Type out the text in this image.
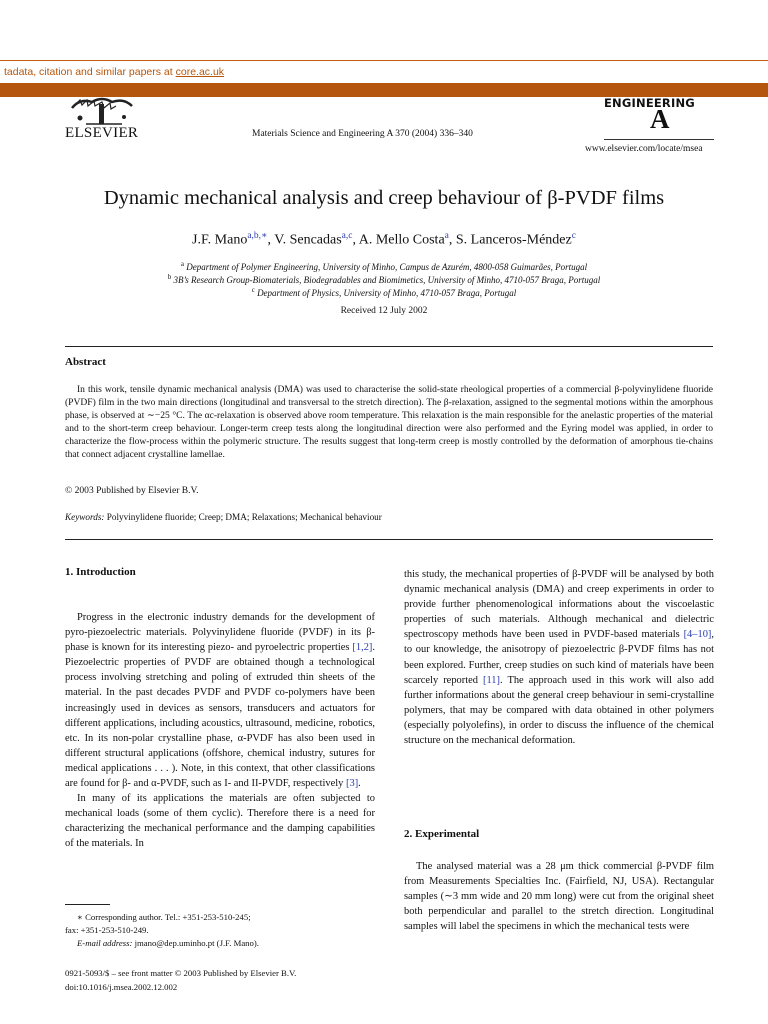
tadata, citation and similar papers at core.ac.uk
ELSEVIER	Materials Science and Engineering A 370 (2004) 336–340
ENGINEERING
A
www.elsevier.com/locate/msea
Dynamic mechanical analysis and creep behaviour of β-PVDF films
J.F. Mano$^{a,b,∗}$, V. Sencadas$^{a,c}$, A. Mello Costa$^a$, S. Lanceros-Méndez$^c$
$^a$ Department of Polymer Engineering, University of Minho, Campus de Azurém, 4800-058 Guimarães, Portugal
$^b$ 3B’s Research Group-Biomaterials, Biodegradables and Biomimetics, University of Minho, 4710-057 Braga, Portugal
$^c$ Department of Physics, University of Minho, 4710-057 Braga, Portugal
Received 12 July 2002
Abstract

In this work, tensile dynamic mechanical analysis (DMA) was used to characterise the solid-state rheological properties of a commercial β-polyvinylidene fluoride (PVDF) film in the two main directions (longitudinal and transversal to the stretch direction). The β-relaxation, assigned to the segmental motions within the amorphous phase, is observed at ∼−25 °C. The αc-relaxation is observed above room temperature. This relaxation is the main responsible for the anelastic properties of the material and to the short-term creep behaviour. Longer-term creep tests along the longitudinal direction were also performed and the Eyring model was applied, in order to characterize the flow-process within the polymeric structure. The results suggest that long-term creep is mostly controlled by the deformation of amorphous tie-chains that connect adjacent crystalline lamellae.

© 2003 Published by Elsevier B.V.
Keywords: Polyvinylidene fluoride; Creep; DMA; Relaxations; Mechanical behaviour
1. Introduction

Progress in the electronic industry demands for the development of pyro-piezoelectric materials. Polyvinylidene fluoride (PVDF) in its β-phase is known for its interesting piezo- and pyroelectric properties [1,2]. Piezoelectric properties of PVDF are obtained though a technological process involving stretching and poling of extruded thin sheets of the material. In the past decades PVDF and PVDF co-polymers have been increasingly used in devices as sensors, transducers and actuators for different applications, including acoustics, ultrasound, medicine, robotics, etc. In its non-polar crystalline phase, α-PVDF has also been used in different structural applications (offshore, chemical industry, sutures for medical applications . . . ). Note, in this context, that other classifications are found for β- and α-PVDF, such as I- and II-PVDF, respectively [3].

In many of its applications the materials are often subjected to mechanical loads (some of them cyclic). Therefore there is a need for characterizing the mechanical performance and the damping capabilities of the materials. In

this study, the mechanical properties of β-PVDF will be analysed by both dynamic mechanical analysis (DMA) and creep experiments in order to provide further phenomenological informations about the viscoelastic properties of such materials. Although mechanical and dielectric spectroscopy methods have been used in PVDF-based materials [4–10], to our knowledge, the anisotropy of piezoelectric β-PVDF films has not been explored. Further, creep studies on such kind of materials have been scarcely reported [11]. The approach used in this work will also add further informations about the general creep behaviour in semi-crystalline polymers, that may be compared with data obtained in other polymers (especially polyolefins), in order to discuss the influence of the chemical structure on the mechanical deformation.

2. Experimental

The analysed material was a 28 μm thick commercial β-PVDF film from Measurements Specialties Inc. (Fairfield, NJ, USA). Rectangular samples (∼3 mm wide and 20 mm long) were cut from the original sheet both perpendicular and parallel to the stretch direction. Longitudinal samples will label the specimens in which the mechanical tests were

∗ Corresponding author. Tel.: +351-253-510-245;
fax: +351-253-510-249.
E-mail address: jmano@dep.uminho.pt (J.F. Mano).
0921-5093/$ – see front matter © 2003 Published by Elsevier B.V.
doi:10.1016/j.msea.2002.12.002
